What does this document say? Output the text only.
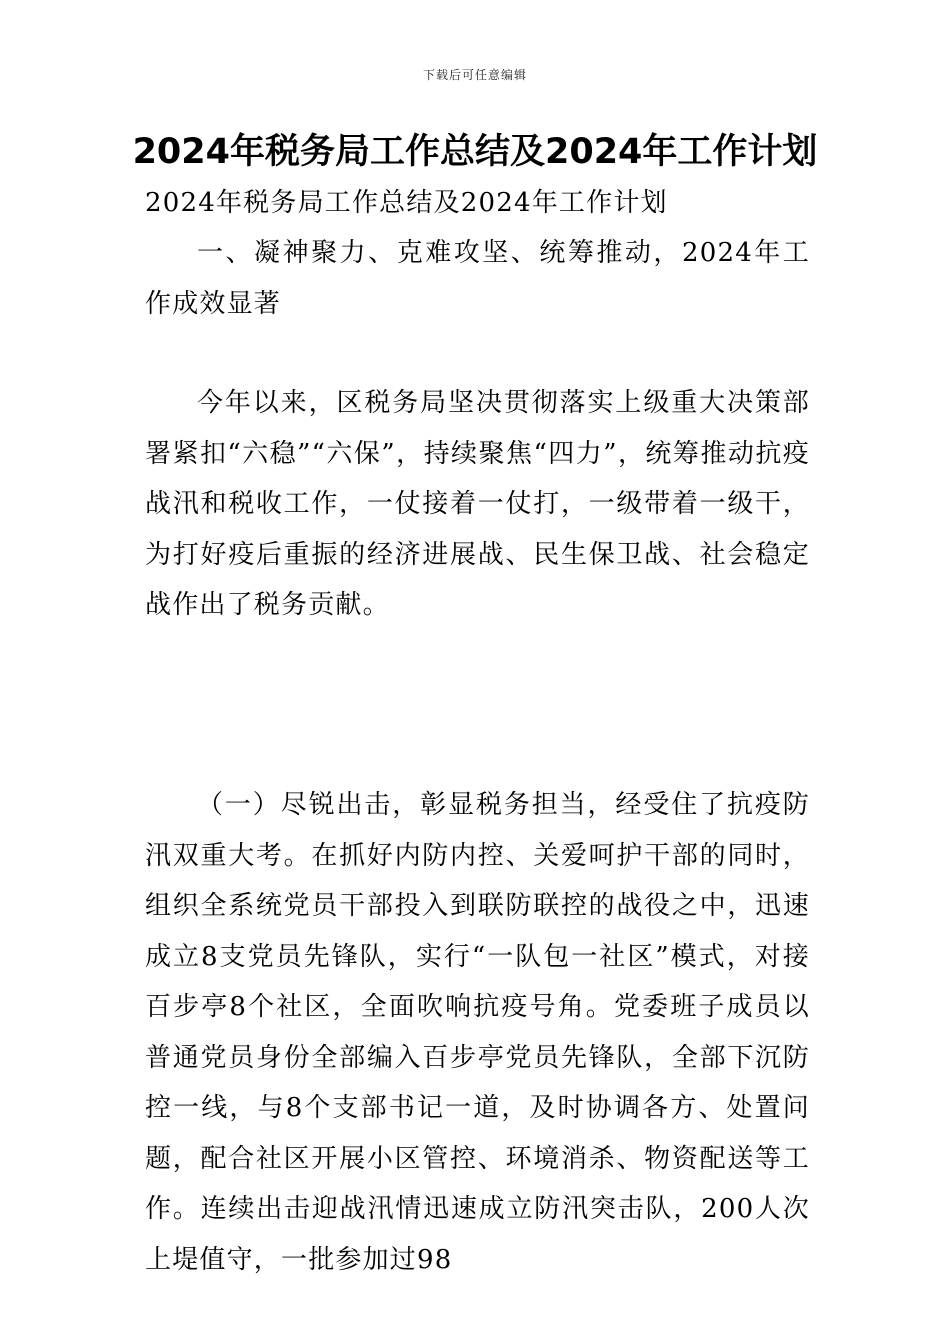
下载后可任意编辑
2024年税务局工作总结及2024年工作计划
2024年税务局工作总结及2024年工作计划
一、凝神聚力、克难攻坚、统筹推动，2024年工作成效显著
今年以来，区税务局坚决贯彻落实上级重大决策部署紧扣“六稳”“六保”，持续聚焦“四力”，统筹推动抗疫战汛和税收工作，一仗接着一仗打，一级带着一级干，为打好疫后重振的经济进展战、民生保卫战、社会稳定战作出了税务贡献。
（一）尽锐出击，彰显税务担当，经受住了抗疫防汛双重大考。在抓好内防内控、关爱呵护干部的同时，组织全系统党员干部投入到联防联控的战役之中，迅速成立8支党员先锋队，实行“一队包一社区”模式，对接百步亭8个社区，全面吹响抗疫号角。党委班子成员以普通党员身份全部编入百步亭党员先锋队，全部下沉防控一线，与8个支部书记一道，及时协调各方、处置问题，配合社区开展小区管控、环境消杀、物资配送等工作。连续出击迎战汛情迅速成立防汛突击队，200人次上堤值守，一批参加过98
